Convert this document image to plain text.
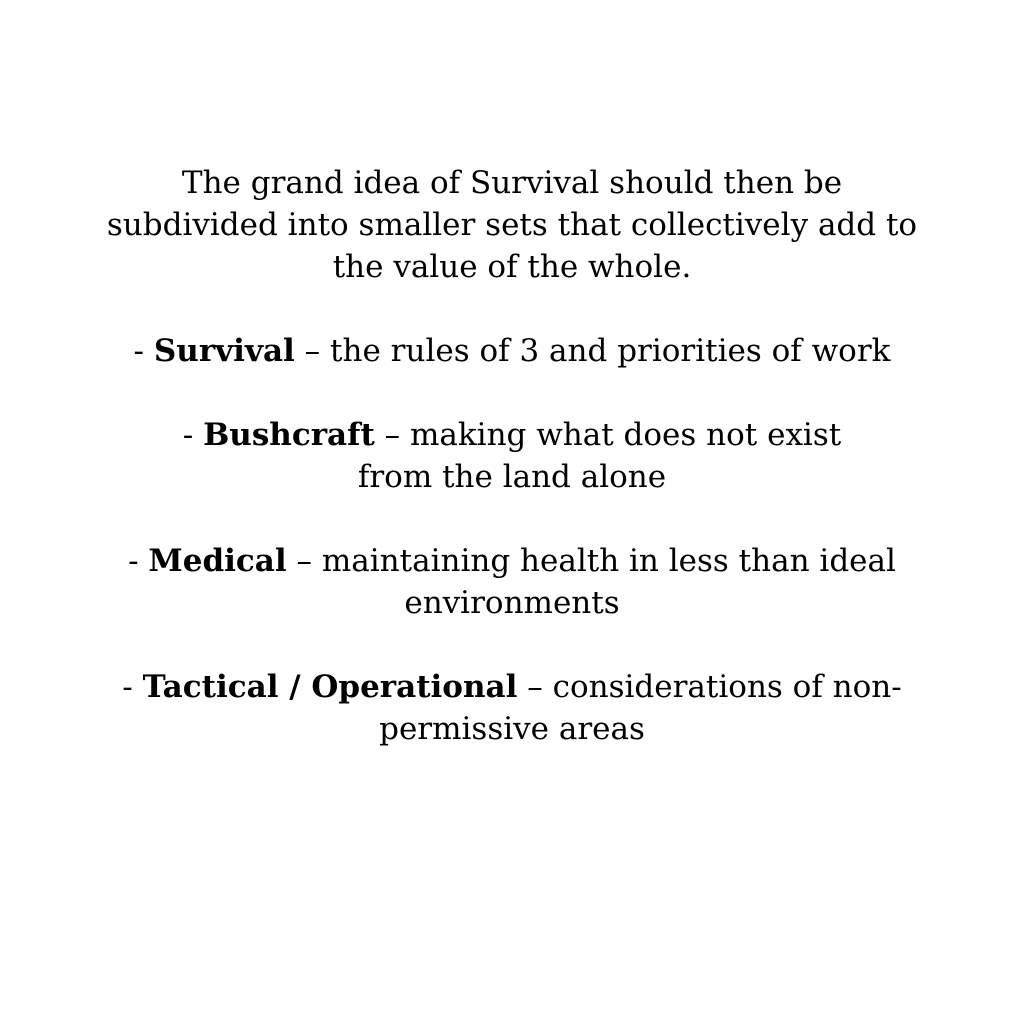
The grand idea of Survival should then be subdivided into smaller sets that collectively add to the value of the whole.
- Survival – the rules of 3 and priorities of work
- Bushcraft – making what does not exist from the land alone
- Medical – maintaining health in less than ideal environments
- Tactical / Operational – considerations of non-permissive areas
